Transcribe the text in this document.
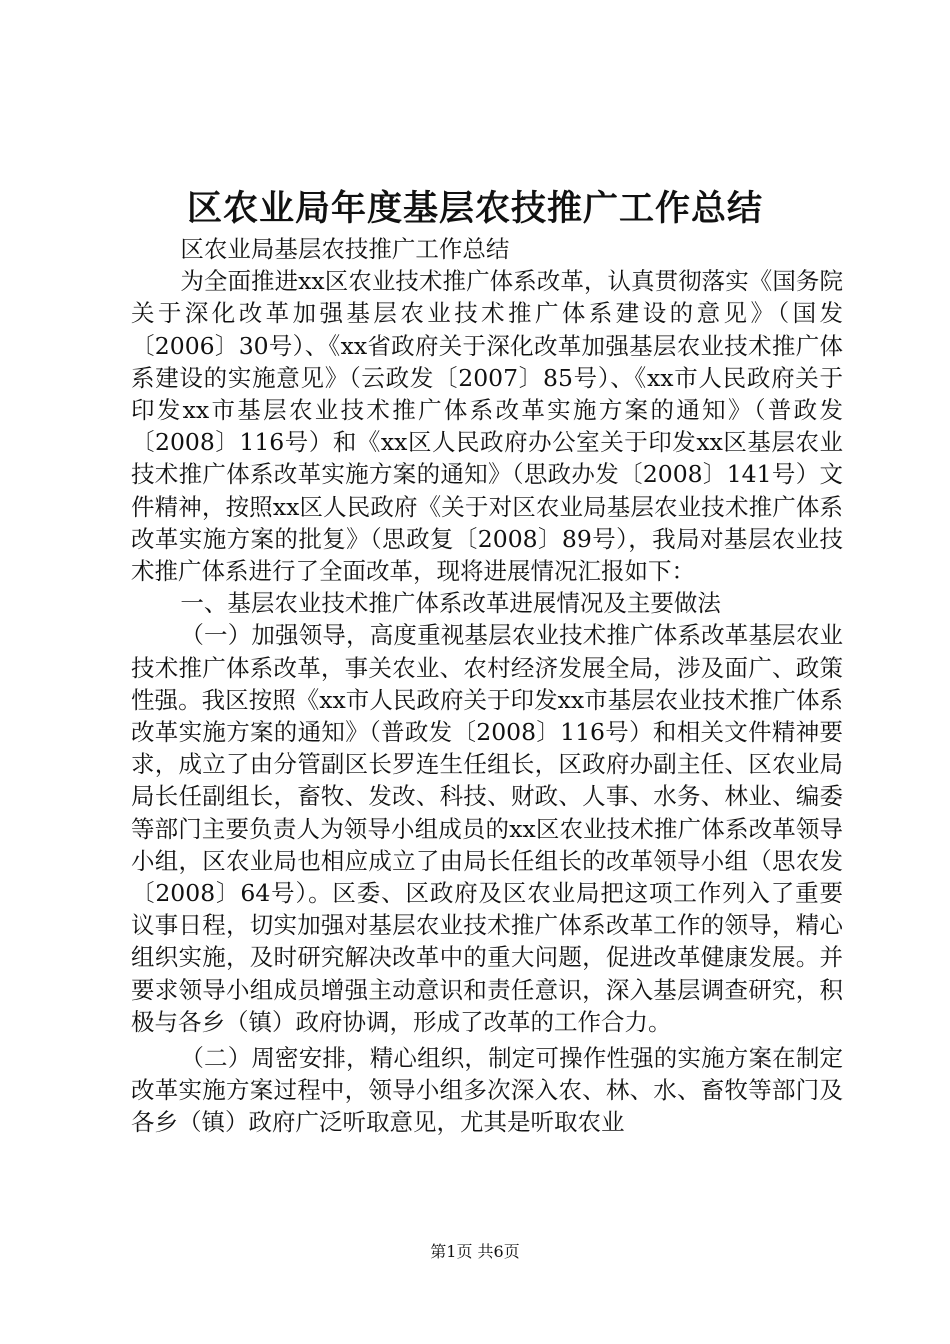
区农业局年度基层农技推广工作总结

区农业局基层农技推广工作总结

为全面推进xx区农业技术推广体系改革，认真贯彻落实《国务院关于深化改革加强基层农业技术推广体系建设的意见》（国发〔2006〕30号）、《xx省政府关于深化改革加强基层农业技术推广体系建设的实施意见》（云政发〔2007〕85号）、《xx市人民政府关于印发xx市基层农业技术推广体系改革实施方案的通知》（普政发〔2008〕116号）和《xx区人民政府办公室关于印发xx区基层农业技术推广体系改革实施方案的通知》（思政办发〔2008〕141号）文件精神，按照xx区人民政府《关于对区农业局基层农业技术推广体系改革实施方案的批复》（思政复〔2008〕89号），我局对基层农业技术推广体系进行了全面改革，现将进展情况汇报如下：

一、基层农业技术推广体系改革进展情况及主要做法

（一）加强领导，高度重视基层农业技术推广体系改革基层农业技术推广体系改革，事关农业、农村经济发展全局，涉及面广、政策性强。我区按照《xx市人民政府关于印发xx市基层农业技术推广体系改革实施方案的通知》（普政发〔2008〕116号）和相关文件精神要求，成立了由分管副区长罗连生任组长，区政府办副主任、区农业局局长任副组长，畜牧、发改、科技、财政、人事、水务、林业、编委等部门主要负责人为领导小组成员的xx区农业技术推广体系改革领导小组，区农业局也相应成立了由局长任组长的改革领导小组（思农发〔2008〕64号）。区委、区政府及区农业局把这项工作列入了重要议事日程，切实加强对基层农业技术推广体系改革工作的领导，精心组织实施，及时研究解决改革中的重大问题，促进改革健康发展。并要求领导小组成员增强主动意识和责任意识，深入基层调查研究，积极与各乡（镇）政府协调，形成了改革的工作合力。

（二）周密安排，精心组织，制定可操作性强的实施方案在制定改革实施方案过程中，领导小组多次深入农、林、水、畜牧等部门及各乡（镇）政府广泛听取意见，尤其是听取农业

第1页 共6页
